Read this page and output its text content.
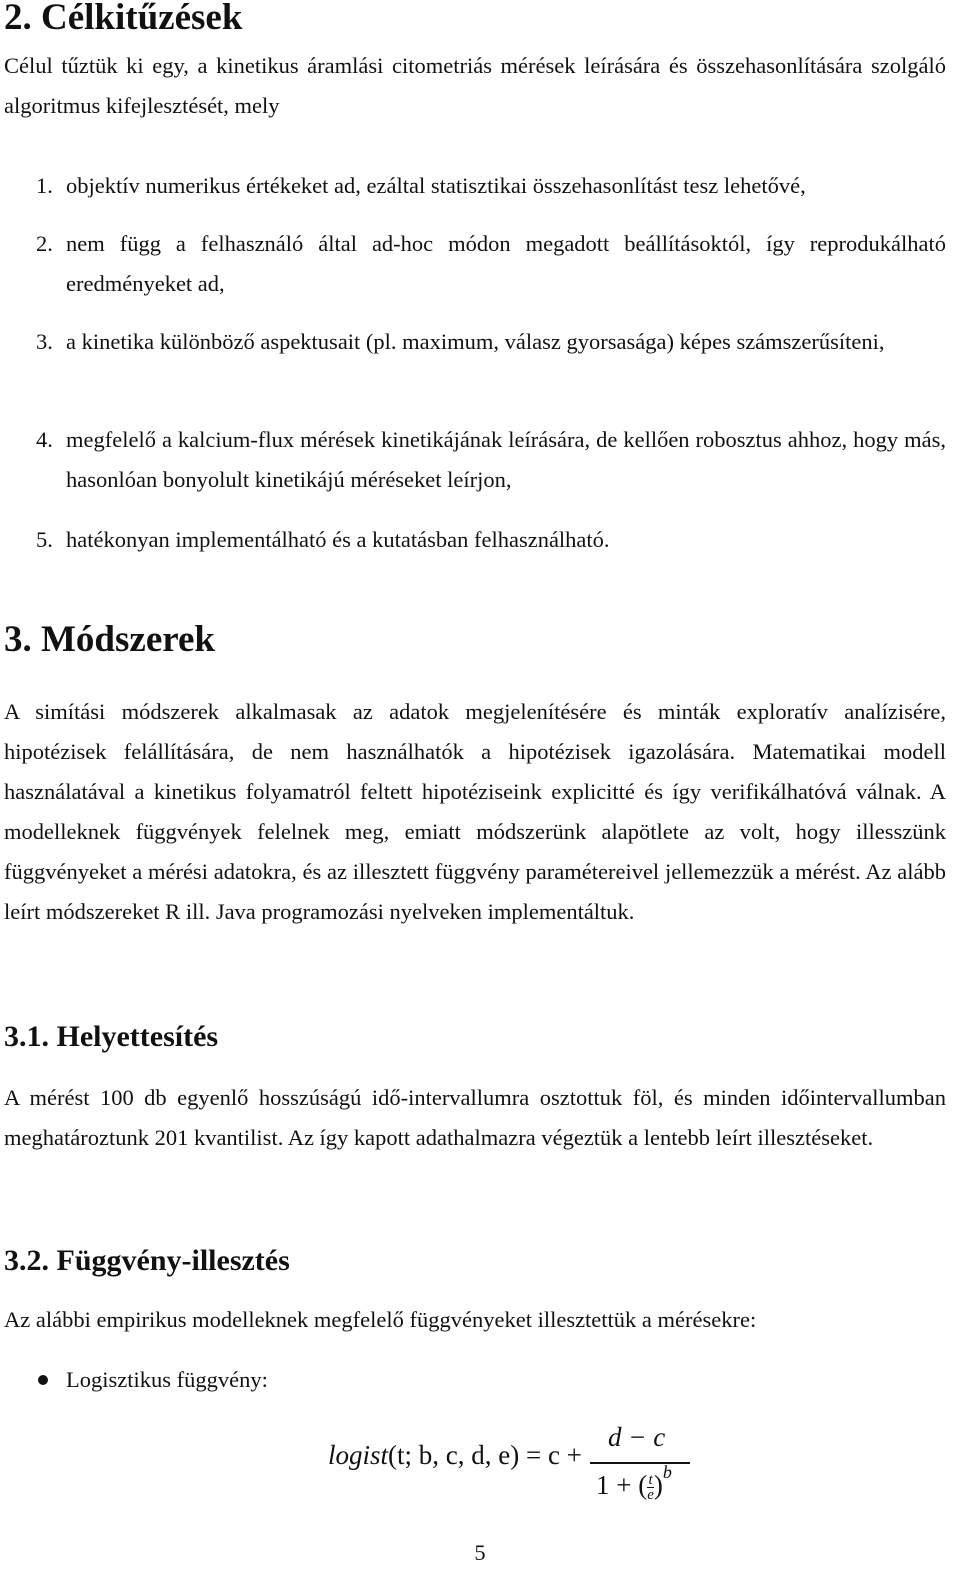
2. Célkitűzések

Célul tűztük ki egy, a kinetikus áramlási citometriás mérések leírására és összehasonlítására szolgáló algoritmus kifejlesztését, mely

1. objektív numerikus értékeket ad, ezáltal statisztikai összehasonlítást tesz lehetővé,
2. nem függ a felhasználó által ad-hoc módon megadott beállításoktól, így reprodukálható eredményeket ad,
3. a kinetika különböző aspektusait (pl. maximum, válasz gyorsasága) képes számszerűsíteni,
4. megfelelő a kalcium-flux mérések kinetikájának leírására, de kellően robosztus ahhoz, hogy más, hasonlóan bonyolult kinetikájú méréseket leírjon,
5. hatékonyan implementálható és a kutatásban felhasználható.
3. Módszerek

A simítási módszerek alkalmasak az adatok megjelenítésére és minták exploratív analízisére, hipotézisek felállítására, de nem használhatók a hipotézisek igazolására. Matematikai modell használatával a kinetikus folyamatról feltett hipotéziseink explicitté és így verifikálhatóvá válnak. A modelleknek függvények felelnek meg, emiatt módszerünk alapötlete az volt, hogy illesszünk függvényeket a mérési adatokra, és az illesztett függvény paramétereivel jellemezzük a mérést. Az alább leírt módszereket R ill. Java programozási nyelveken implementáltuk.

3.1. Helyettesítés

A mérést 100 db egyenlő hosszúságú idő-intervallumra osztottuk föl, és minden időintervallumban meghatároztunk 201 kvantilist. Az így kapott adathalmazra végeztük a lentebb leírt illesztéseket.

3.2. Függvény-illesztés

Az alábbi empirikus modelleknek megfelelő függvényeket illesztettük a mérésekre:

Logisztikus függvény:

logist(t; b, c, d, e) = c +
d − c
1 + ( $\frac{t}{e} )^b$
5
